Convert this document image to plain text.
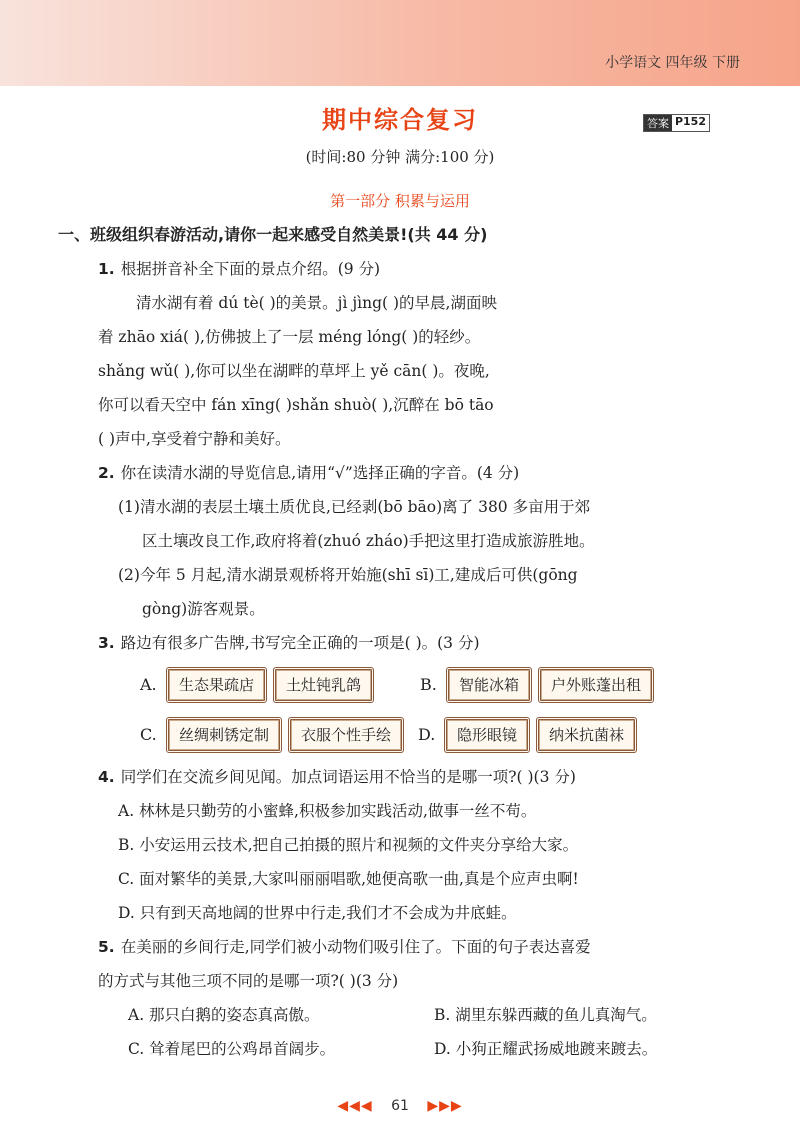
小学语文 四年级 下册
期中综合复习	答案 P152
(时间:80 分钟 满分:100 分)
第一部分 积累与运用
一、班级组织春游活动,请你一起来感受自然美景!(共 44 分)
1. 根据拼音补全下面的景点介绍。(9 分)
清水湖有着 dú tè( )的美景。jì jìng( )的早晨,湖面映
着 zhāo xiá( ),仿佛披上了一层 méng lóng( )的轻纱。
shǎng wǔ( ),你可以坐在湖畔的草坪上 yě cān( )。夜晚,
你可以看天空中 fán xīng( )shǎn shuò( ),沉醉在 bō tāo
( )声中,享受着宁静和美好。
2. 你在读清水湖的导览信息,请用“√”选择正确的字音。(4 分)
(1)清水湖的表层土壤土质优良,已经剥(bō bāo)离了 380 多亩用于郊
区土壤改良工作,政府将着(zhuó zháo)手把这里打造成旅游胜地。
(2)今年 5 月起,清水湖景观桥将开始施(shī sī)工,建成后可供(gōng
gòng)游客观景。
3. 路边有很多广告牌,书写完全正确的一项是( )。(3 分)
A.	生态果疏店	土灶钝乳鸽	B.	智能冰箱	户外账蓬出租
C.	丝绸刺锈定制	衣服个性手绘	D.	隐形眼镜	纳米抗菌袜
4. 同学们在交流乡间见闻。加点词语运用不恰当的是哪一项?( )(3 分)
A. 林林是只勤劳的小蜜蜂,积极参加实践活动,做事一丝不苟。
B. 小安运用云技术,把自己拍摄的照片和视频的文件夹分享给大家。
C. 面对繁华的美景,大家叫丽丽唱歌,她便高歌一曲,真是个应声虫啊!
D. 只有到天高地阔的世界中行走,我们才不会成为井底蛙。
5. 在美丽的乡间行走,同学们被小动物们吸引住了。下面的句子表达喜爱
的方式与其他三项不同的是哪一项?( )(3 分)
A. 那只白鹅的姿态真高傲。	B. 湖里东躲西藏的鱼儿真淘气。
C. 耸着尾巴的公鸡昂首阔步。	D. 小狗正耀武扬威地踱来踱去。
◀◀◀ 61 ▶▶▶
